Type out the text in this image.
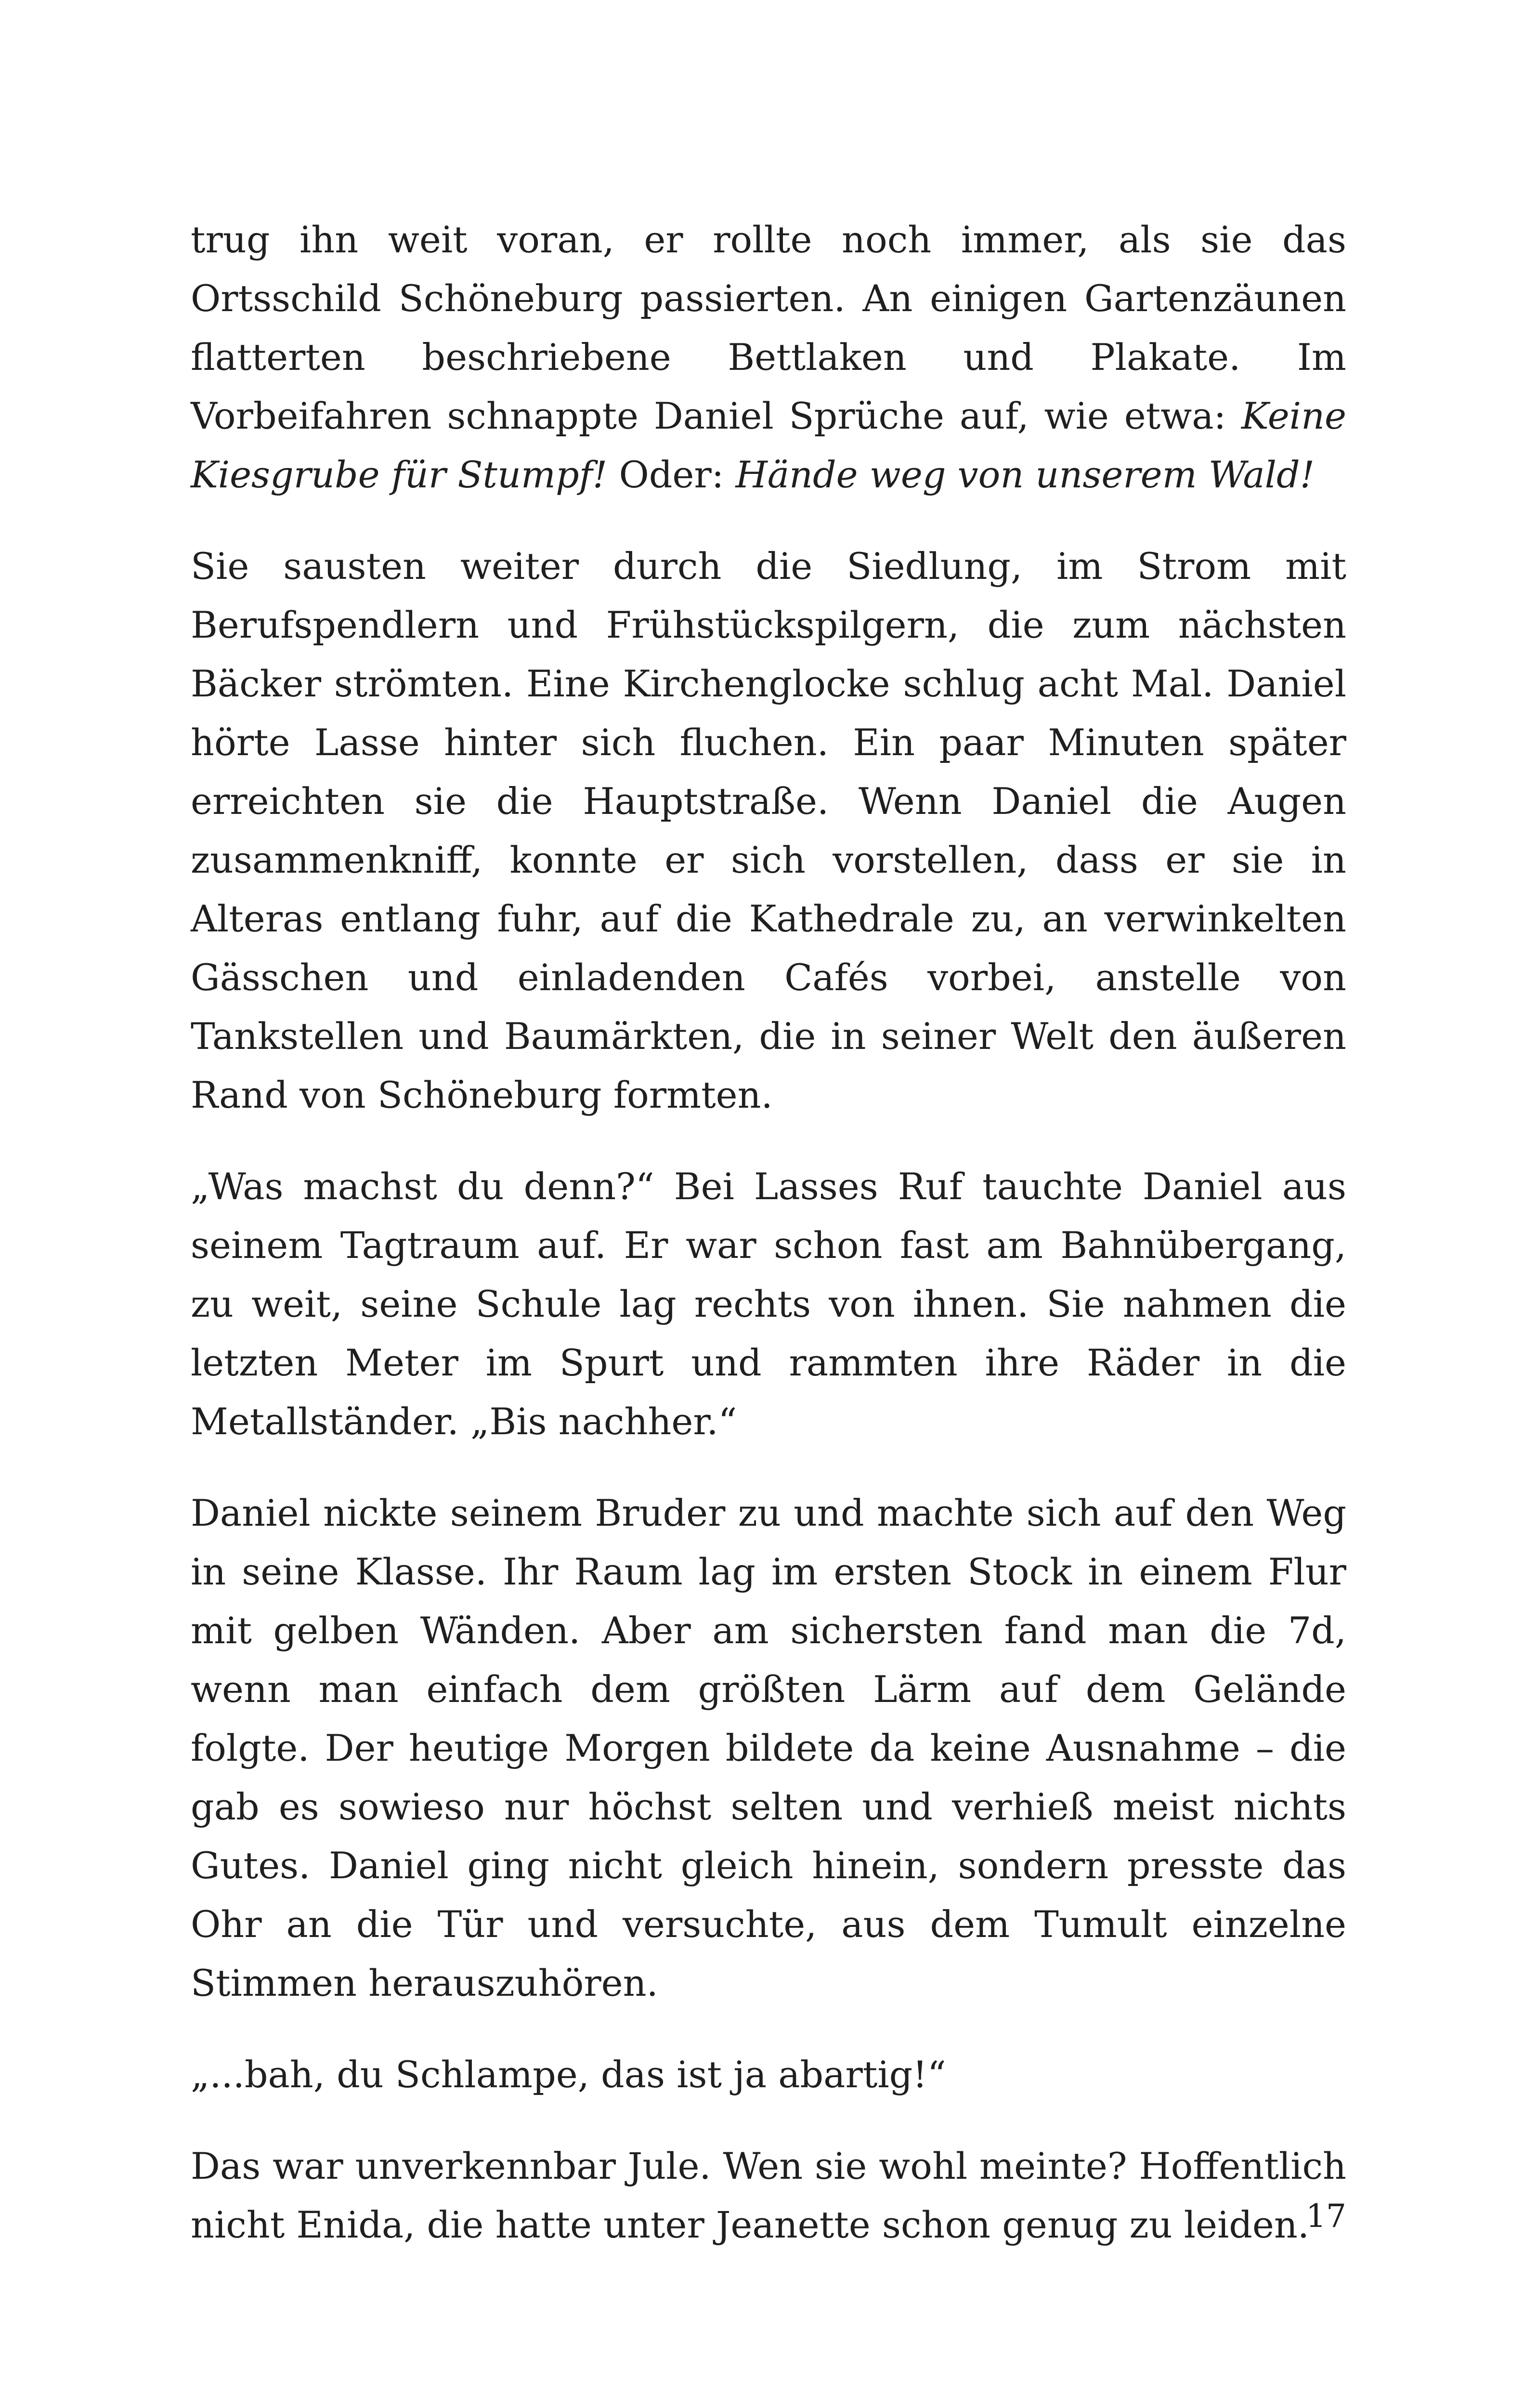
trug ihn weit voran, er rollte noch immer, als sie das Ortsschild Schöneburg passierten. An einigen Gartenzäunen flatterten beschriebene Bettlaken und Plakate. Im Vorbeifahren schnappte Daniel Sprüche auf, wie etwa: Keine Kiesgrube für Stumpf! Oder: Hände weg von unserem Wald!

Sie sausten weiter durch die Siedlung, im Strom mit Berufspendlern und Frühstückspilgern, die zum nächsten Bäcker strömten. Eine Kirchenglocke schlug acht Mal. Daniel hörte Lasse hinter sich fluchen. Ein paar Minuten später erreichten sie die Hauptstraße. Wenn Daniel die Augen zusammenkniff, konnte er sich vorstellen, dass er sie in Alteras entlang fuhr, auf die Kathedrale zu, an verwinkelten Gässchen und einladenden Cafés vorbei, anstelle von Tankstellen und Baumärkten, die in seiner Welt den äußeren Rand von Schöneburg formten.

„Was machst du denn?“ Bei Lasses Ruf tauchte Daniel aus seinem Tagtraum auf. Er war schon fast am Bahnübergang, zu weit, seine Schule lag rechts von ihnen. Sie nahmen die letzten Meter im Spurt und rammten ihre Räder in die Metallständer. „Bis nachher.“

Daniel nickte seinem Bruder zu und machte sich auf den Weg in seine Klasse. Ihr Raum lag im ersten Stock in einem Flur mit gelben Wänden. Aber am sichersten fand man die 7d, wenn man einfach dem größten Lärm auf dem Gelände folgte. Der heutige Morgen bildete da keine Ausnahme – die gab es sowieso nur höchst selten und verhieß meist nichts Gutes. Daniel ging nicht gleich hinein, sondern presste das Ohr an die Tür und versuchte, aus dem Tumult einzelne Stimmen herauszuhören.

„...bah, du Schlampe, das ist ja abartig!“

Das war unverkennbar Jule. Wen sie wohl meinte? Hoffentlich nicht Enida, die hatte unter Jeanette schon genug zu leiden.

17
